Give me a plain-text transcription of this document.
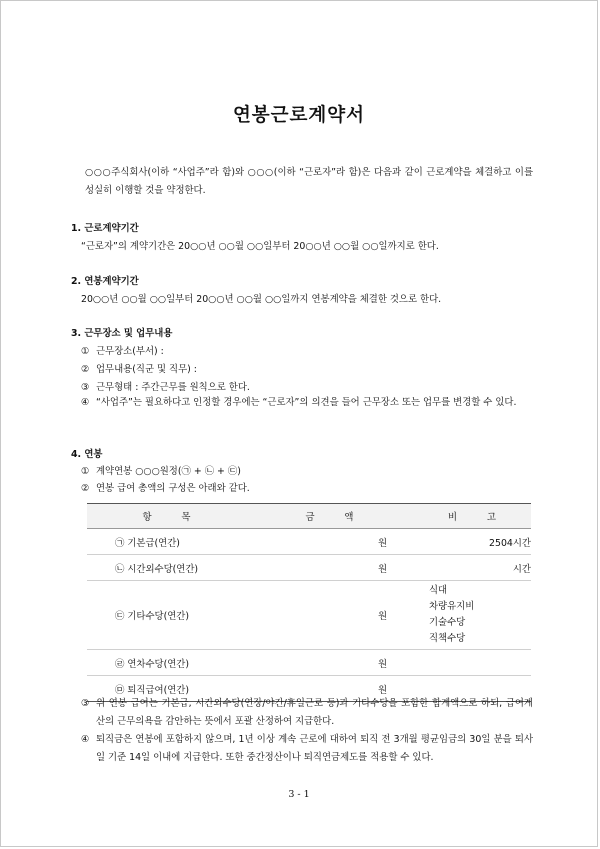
연봉근로계약서
○○○주식회사(이하 “사업주”라 함)와 ○○○(이하 “근로자”라 함)은 다음과 같이 근로계약을 체결하고 이를 성실히 이행할 것을 약정한다.
1. 근로계약기간
“근로자”의 계약기간은 20○○년 ○○월 ○○일부터 20○○년 ○○월 ○○일까지로 한다.
2. 연봉계약기간
20○○년 ○○월 ○○일부터 20○○년 ○○월 ○○일까지 연봉계약을 체결한 것으로 한다.
3. 근무장소 및 업무내용
① 근무장소(부서) :
② 업무내용(직군 및 직무) :
③ 근무형태 : 주간근무를 원칙으로 한다.
④ “사업주”는 필요하다고 인정할 경우에는 “근로자”의 의견을 들어 근무장소 또는 업무를 변경할 수 있다.
4. 연봉
① 계약연봉 ○○○원정(㉠ + ㉡ + ㉢)
② 연봉 급여 총액의 구성은 아래와 같다.
항          목	금          액	비          고
㉠ 기본급(연간)	원	2504시간
㉡ 시간외수당(연간)	원	시간
㉢ 기타수당(연간)	원	식대
차량유지비
기술수당
직책수당

㉣ 연차수당(연간)	원	
㉤ 퇴직급여(연간)	원	
③ 위 연봉 급여는 기본급, 시간외수당(연장/야간/휴일근로 등)과 기타수당을 포함한 합계액으로 하되, 급여계산의 근무의욕을 감안하는 뜻에서 포괄 산정하여 지급한다.
④ 퇴직금은 연봉에 포함하지 않으며, 1년 이상 계속 근로에 대하여 퇴직 전 3개월 평균임금의 30일 분을 퇴사일 기준 14일 이내에 지급한다. 또한 중간정산이나 퇴직연금제도를 적용할 수 있다.
3 - 1
